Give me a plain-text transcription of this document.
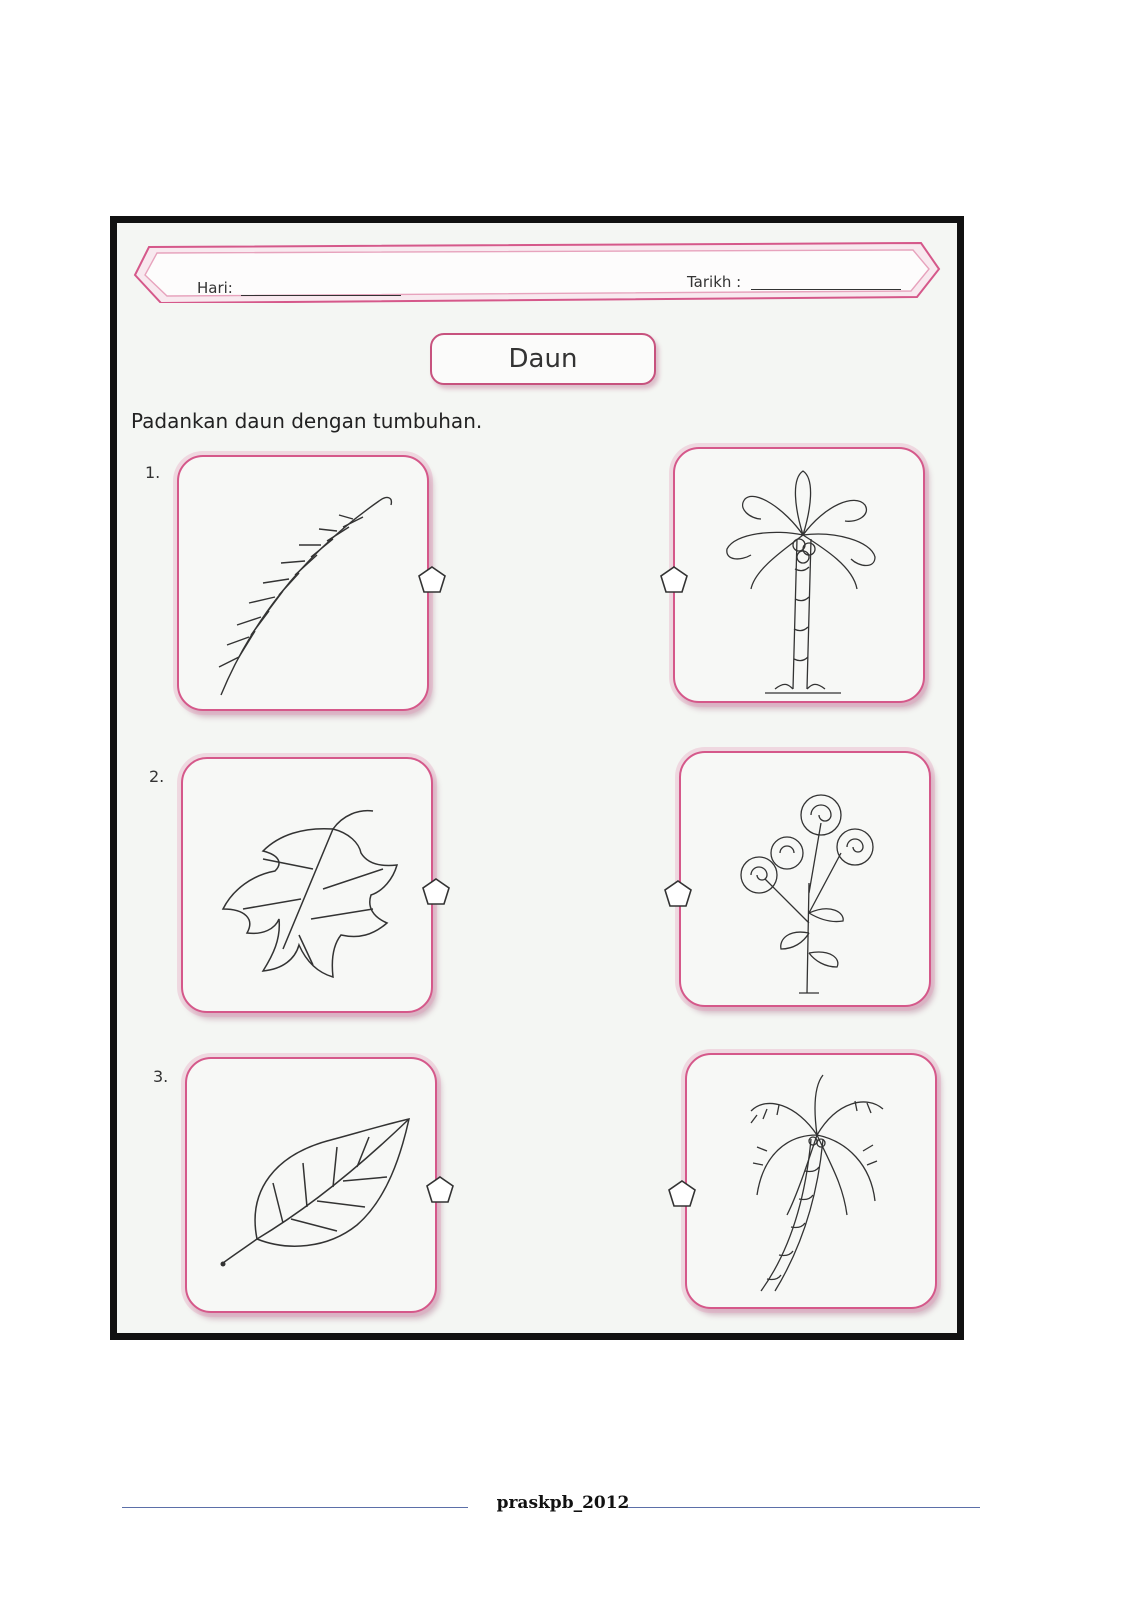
Hari:	Tarikh :
Daun
Padankan daun dengan tumbuhan.
1.
2.
3.
praskpb_2012
